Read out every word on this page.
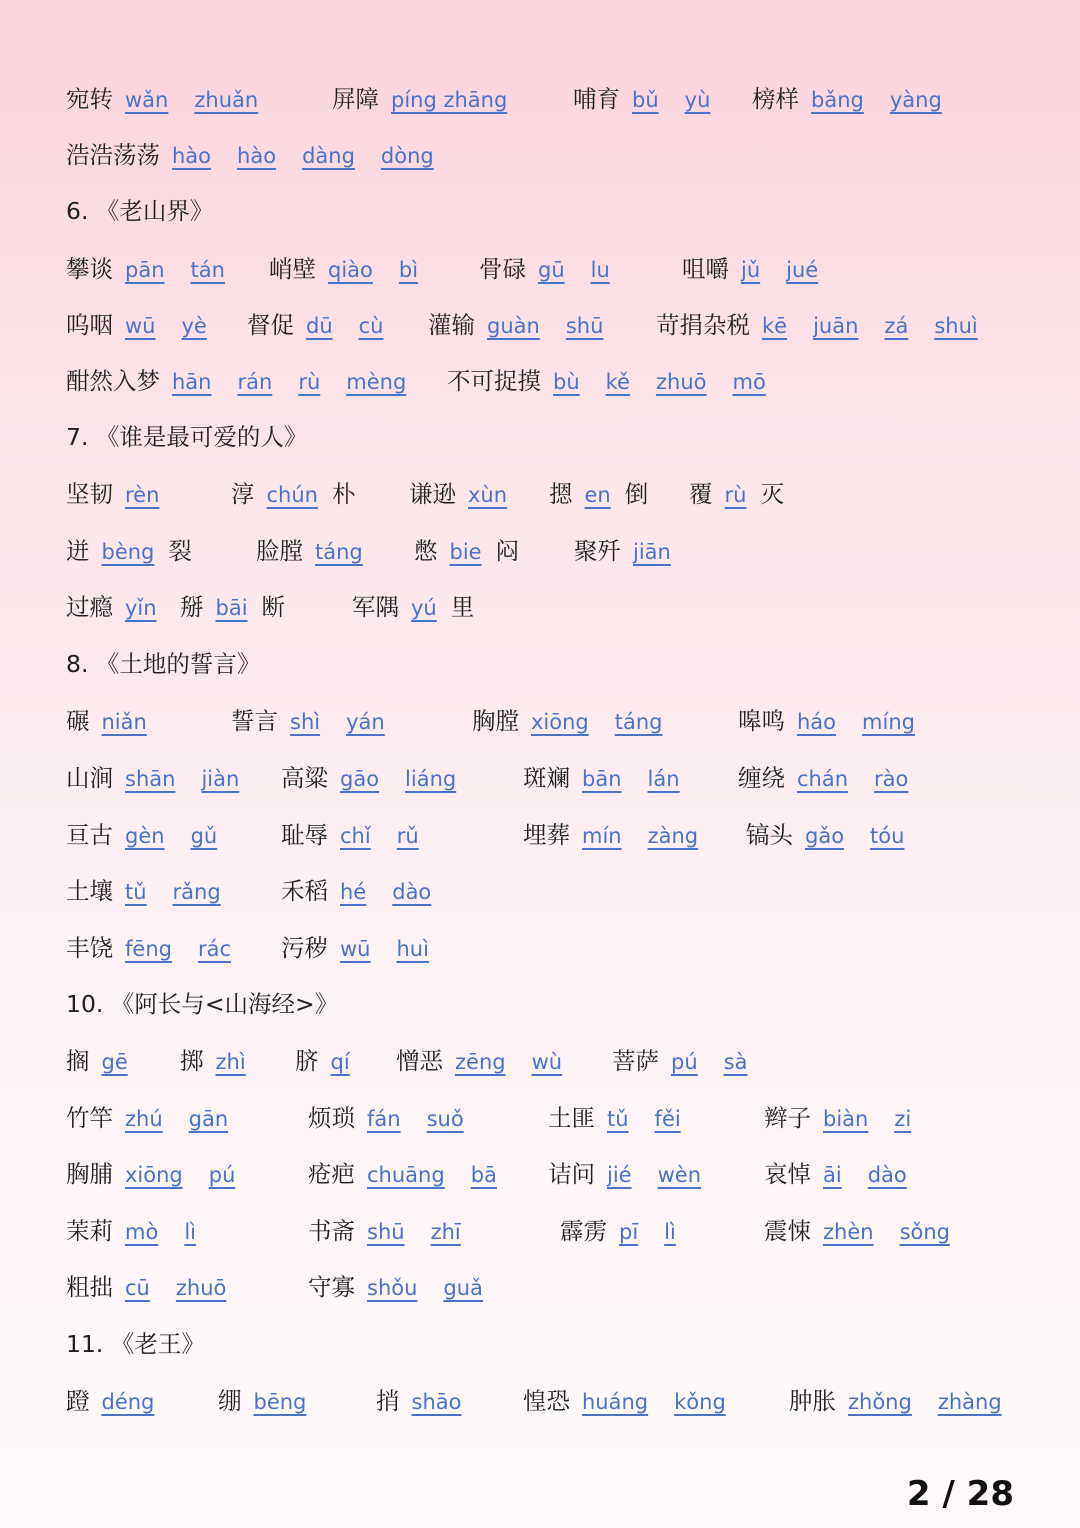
宛转 wǎn zhuǎn	屏障 píng zhāng	哺育 bǔ yù 榜样 bǎng yàng
浩浩荡荡 hào hào dàng dòng
6. 《老山界》
攀谈 pān tán 峭壁 qiào bì	骨碌 gū lu	咀嚼 jǔ jué
呜咽 wū yè 督促 dū cù 灌输 guàn shū 苛捐杂税 kē juān zá shuì
酣然入梦 hān rán rù mèng 不可捉摸 bù kě zhuō mō
7. 《谁是最可爱的人》
坚韧 rèn	淳 chún 朴 谦逊 xùn 摁 en 倒 覆 rù 灭
迸 bèng 裂	脸膛 táng 憋 bie 闷 聚歼 jiān
过瘾 yǐn 掰 bāi 断	军隅 yú 里
8. 《土地的誓言》
碾 niǎn	誓言 shì yán	胸膛 xiōng táng	嗥鸣 háo míng
山涧 shān jiàn 高粱 gāo liáng	斑斓 bān lán 缠绕 chán rào
亘古 gèn gǔ	耻辱 chǐ rǔ	埋葬 mín zàng 镐头 gǎo tóu
土壤 tǔ rǎng	禾稻 hé dào
丰饶 fēng rác 污秽 wū huì
10. 《阿长与<山海经>》
搁 gē 掷 zhì 脐 qí 憎恶 zēng wù 菩萨 pú sà
竹竿 zhú gān	烦琐 fán suǒ	土匪 tǔ fěi	辫子 biàn zi
胸脯 xiōng pú	疮疤 chuāng bā 诘问 jié wèn	哀悼 āi dào
茉莉 mò lì	书斋 shū zhī	霹雳 pī lì	震悚 zhèn sǒng
粗拙 cū zhuō	守寡 shǒu guǎ
11. 《老王》
蹬 déng	绷 bēng	捎 shāo	惶恐 huáng kǒng	肿胀 zhǒng zhàng
2 / 28
